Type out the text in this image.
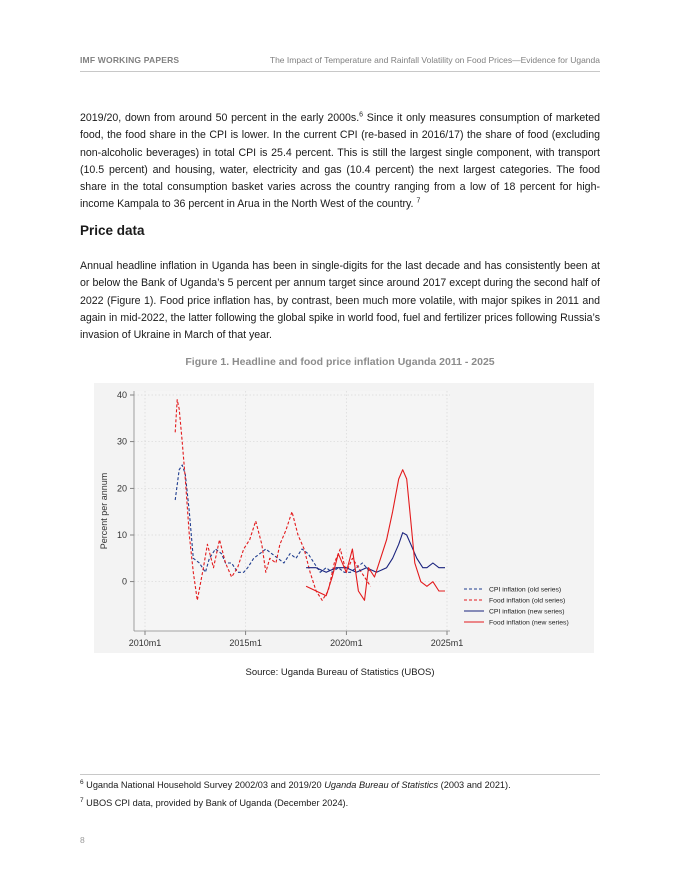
IMF WORKING PAPERS	The Impact of Temperature and Rainfall Volatility on Food Prices—Evidence for Uganda

2019/20, down from around 50 percent in the early 2000s.$^6$ Since it only measures consumption of marketed food, the food share in the CPI is lower. In the current CPI (re-based in 2016/17) the share of food (excluding non-alcoholic beverages) in total CPI is 25.4 percent. This is still the largest single component, with transport (10.5 percent) and housing, water, electricity and gas (10.4 percent) the next largest categories. The food share in the total consumption basket varies across the country ranging from a low of 18 percent for high-income Kampala to 36 percent in Arua in the North West of the country. $^7$

Price data

Annual headline inflation in Uganda has been in single-digits for the last decade and has consistently been at or below the Bank of Uganda’s 5 percent per annum target since around 2017 except during the second half of 2022 (Figure 1). Food price inflation has, by contrast, been much more volatile, with major spikes in 2011 and again in mid-2022, the latter following the global spike in world food, fuel and fertilizer prices following Russia’s invasion of Ukraine in March of that year.

Figure 1. Headline and food price inflation Uganda 2011 - 2025
0
10
20
30
40
2010m1	2015m1	2020m1	2025m1
Percent per annum
CPI inflation (old series)
Food inflation (old series)
CPI inflation (new series)
Food inflation (new series)
Source: Uganda Bureau of Statistics (UBOS)
$^6$ Uganda National Household Survey 2002/03 and 2019/20 Uganda Bureau of Statistics (2003 and 2021).
$^7$ UBOS CPI data, provided by Bank of Uganda (December 2024).
8
